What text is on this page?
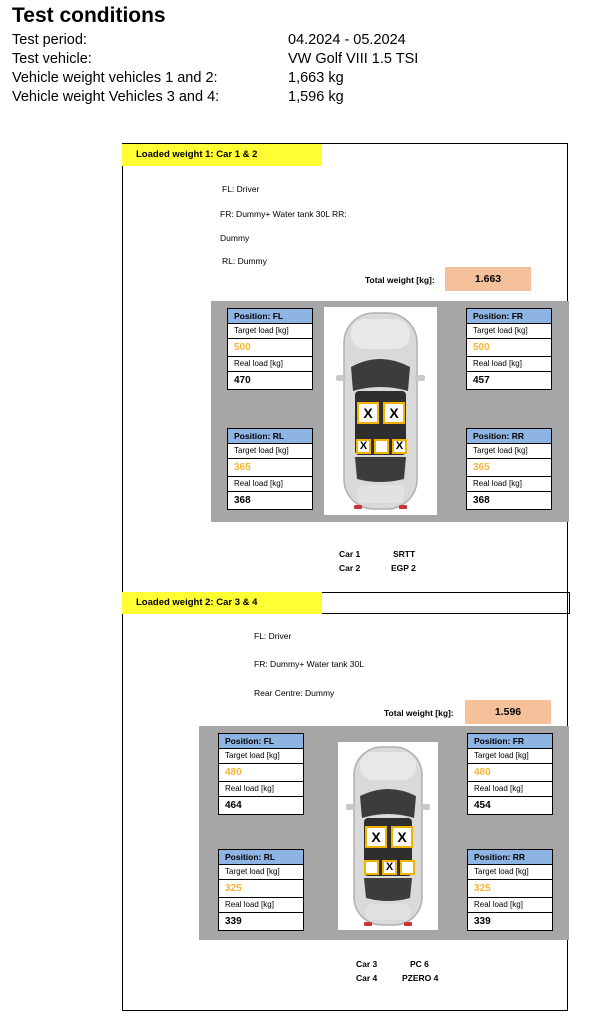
Test conditions
Test period:	04.2024 - 05.2024
Test vehicle:	VW Golf VIII 1.5 TSI
Vehicle weight vehicles 1 and 2:	1,663 kg
Vehicle weight Vehicles 3 and 4:	1,596 kg
Loaded weight 1: Car 1 & 2
FL: Driver
FR: Dummy+ Water tank 30L RR:
Dummy
RL: Dummy
Total weight [kg]:	1.663
Position: FL
Target load [kg]
500
Real load [kg]
470
Position: FR
Target load [kg]
500
Real load [kg]
457
Position: RL
Target load [kg]
365
Real load [kg]
368
Position: RR
Target load [kg]
365
Real load [kg]
368
X	X
X	X
Car 1	SRTT
Car 2	EGP 2
Loaded weight 2: Car 3 & 4
FL: Driver
FR: Dummy+ Water tank 30L
Rear Centre: Dummy
Total weight [kg]:	1.596
Position: FL
Target load [kg]
480
Real load [kg]
464
Position: FR
Target load [kg]
480
Real load [kg]
454
Position: RL
Target load [kg]
325
Real load [kg]
339
Position: RR
Target load [kg]
325
Real load [kg]
339
X	X
X
Car 3	PC 6
Car 4	PZERO 4
